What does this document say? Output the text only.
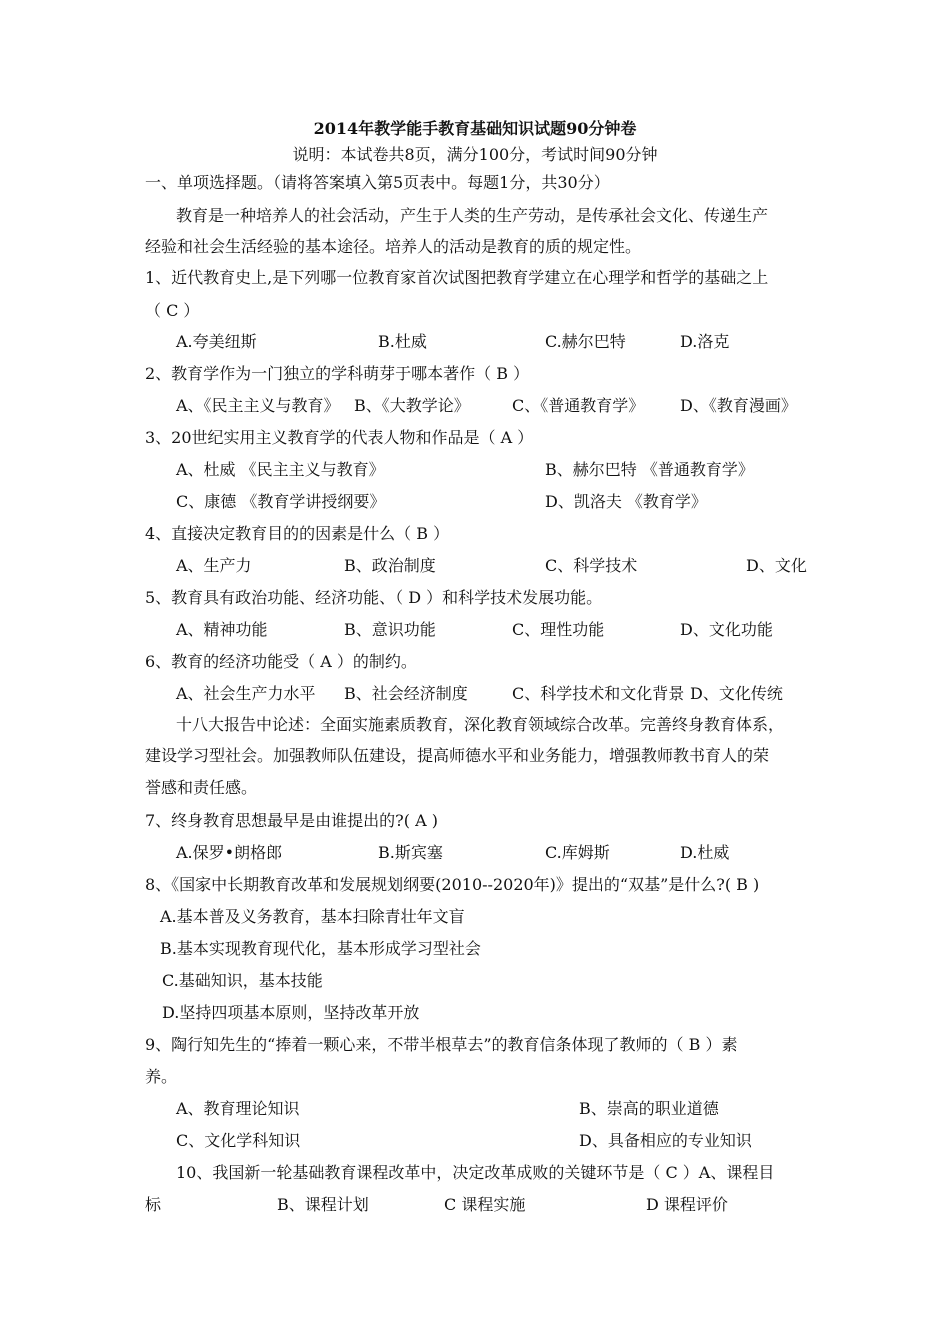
2014年教学能手教育基础知识试题90分钟卷
说明：本试卷共8页，满分100分，考试时间90分钟
一、单项选择题。（请将答案填入第5页表中。每题1分，共30分）
教育是一种培养人的社会活动，产生于人类的生产劳动，是传承社会文化、传递生产
经验和社会生活经验的基本途径。培养人的活动是教育的质的规定性。
1、近代教育史上,是下列哪一位教育家首次试图把教育学建立在心理学和哲学的基础之上
（ C ）
A.夸美纽斯	B.杜威	C.赫尔巴特	D.洛克
2、教育学作为一门独立的学科萌芽于哪本著作（ B ）
A、《民主主义与教育》 B、《大教学论》	C、《普通教育学》 D、《教育漫画》
3、20世纪实用主义教育学的代表人物和作品是（ A ）
A、杜威 《民主主义与教育》	B、赫尔巴特 《普通教育学》
C、康德 《教育学讲授纲要》	D、凯洛夫 《教育学》
4、直接决定教育目的的因素是什么（ B ）
A、生产力	B、政治制度	C、科学技术	D、文化
5、教育具有政治功能、经济功能、（ D ）和科学技术发展功能。
A、精神功能	B、意识功能	C、理性功能	D、文化功能
6、教育的经济功能受（ A ）的制约。
A、社会生产力水平 B、社会经济制度	C、科学技术和文化背景 D、文化传统
十八大报告中论述：全面实施素质教育，深化教育领域综合改革。完善终身教育体系，
建设学习型社会。加强教师队伍建设，提高师德水平和业务能力，增强教师教书育人的荣
誉感和责任感。
7、终身教育思想最早是由谁提出的?( A )
A.保罗•朗格郎	B.斯宾塞	C.库姆斯	D.杜威
8、《国家中长期教育改革和发展规划纲要(2010--2020年)》提出的“双基”是什么?( B )
A.基本普及义务教育，基本扫除青壮年文盲
B.基本实现教育现代化，基本形成学习型社会
C.基础知识，基本技能
D.坚持四项基本原则，坚持改革开放
9、陶行知先生的“捧着一颗心来，不带半根草去”的教育信条体现了教师的（ B ）素
养。
A、教育理论知识	B、崇高的职业道德
C、文化学科知识	D、具备相应的专业知识
10、我国新一轮基础教育课程改革中，决定改革成败的关键环节是（ C ）A、课程目
标	B、课程计划	C 课程实施	D 课程评价
